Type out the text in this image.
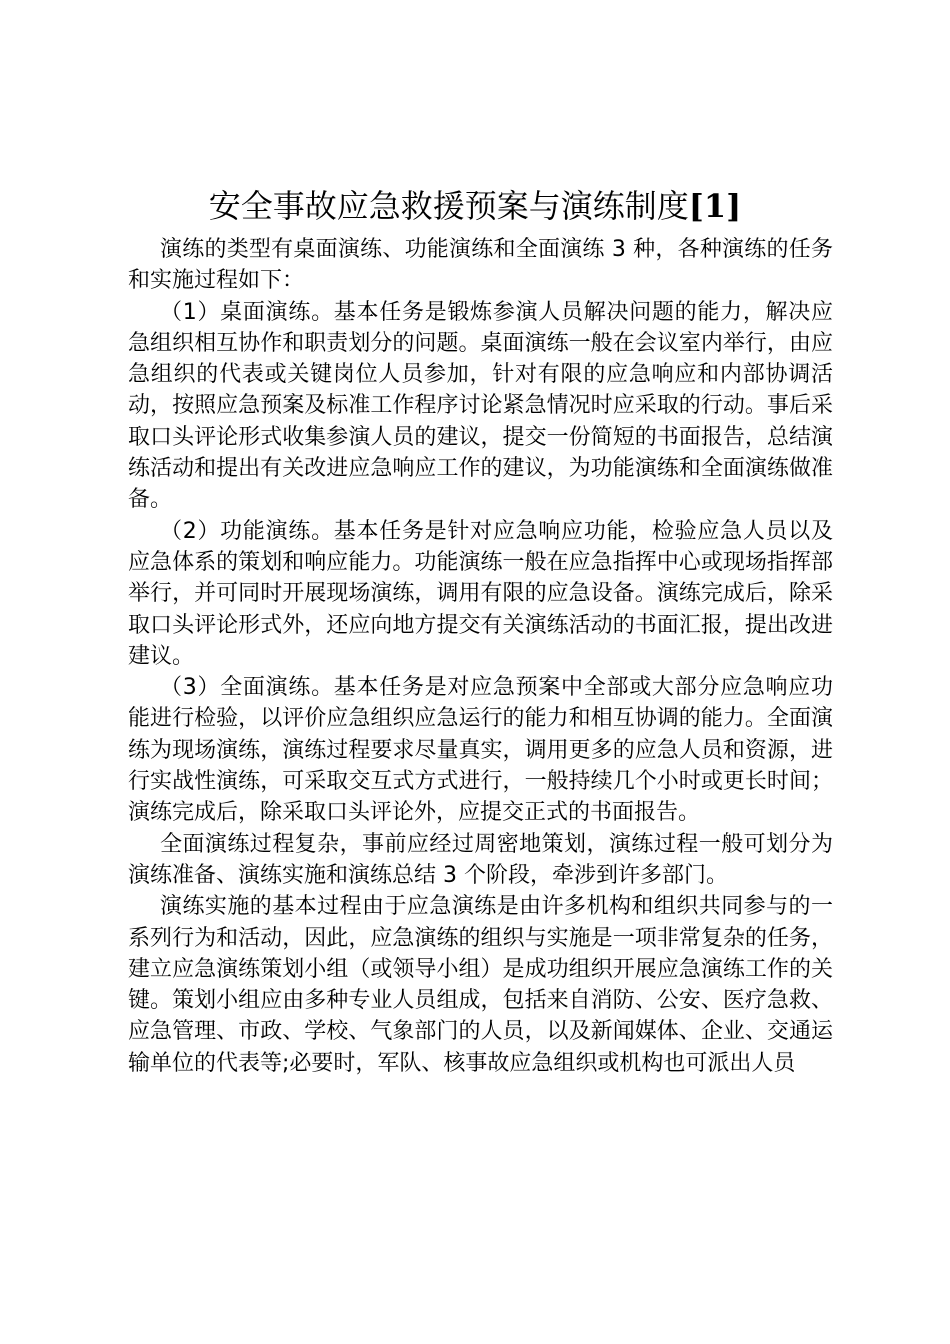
安全事故应急救援预案与演练制度[1]

演练的类型有桌面演练、功能演练和全面演练 3 种，各种演练的任务和实施过程如下：

（1）桌面演练。基本任务是锻炼参演人员解决问题的能力，解决应急组织相互协作和职责划分的问题。桌面演练一般在会议室内举行，由应急组织的代表或关键岗位人员参加，针对有限的应急响应和内部协调活动，按照应急预案及标准工作程序讨论紧急情况时应采取的行动。事后采取口头评论形式收集参演人员的建议，提交一份简短的书面报告，总结演练活动和提出有关改进应急响应工作的建议，为功能演练和全面演练做准备。

（2）功能演练。基本任务是针对应急响应功能，检验应急人员以及应急体系的策划和响应能力。功能演练一般在应急指挥中心或现场指挥部举行，并可同时开展现场演练，调用有限的应急设备。演练完成后，除采取口头评论形式外，还应向地方提交有关演练活动的书面汇报，提出改进建议。

（3）全面演练。基本任务是对应急预案中全部或大部分应急响应功能进行检验，以评价应急组织应急运行的能力和相互协调的能力。全面演练为现场演练，演练过程要求尽量真实，调用更多的应急人员和资源，进行实战性演练，可采取交互式方式进行，一般持续几个小时或更长时间；演练完成后，除采取口头评论外，应提交正式的书面报告。

全面演练过程复杂，事前应经过周密地策划，演练过程一般可划分为演练准备、演练实施和演练总结 3 个阶段，牵涉到许多部门。

演练实施的基本过程由于应急演练是由许多机构和组织共同参与的一系列行为和活动，因此，应急演练的组织与实施是一项非常复杂的任务，建立应急演练策划小组（或领导小组）是成功组织开展应急演练工作的关键。策划小组应由多种专业人员组成，包括来自消防、公安、医疗急救、应急管理、市政、学校、气象部门的人员，以及新闻媒体、企业、交通运输单位的代表等;必要时，军队、核事故应急组织或机构也可派出人员
